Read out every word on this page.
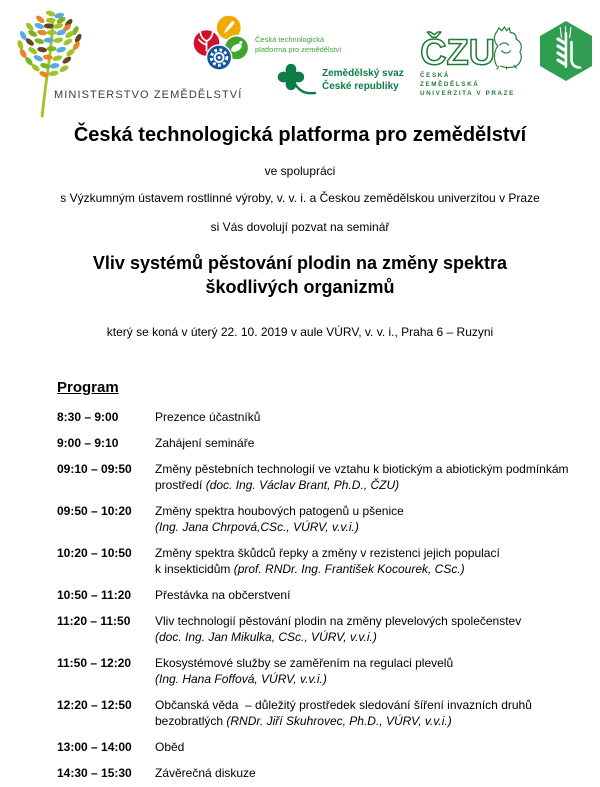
MINISTERSTVO ZEMĚDĚLSTVÍ
Česká technologická
platforma pro zemědělství
Zemědělský svaz
České republiky
ČZU
ČESKÁ
ZEMĚDĚLSKÁ
UNIVERZITA V PRAZE
Česká technologická platforma pro zemědělství
ve spolupráci
s Výzkumným ústavem rostlinné výroby, v. v. i. a Českou zemědělskou univerzitou v Praze
si Vás dovolují pozvat na seminář
Vliv systémů pěstování plodin na změny spektra
škodlivých organizmů
který se koná v úterý 22. 10. 2019 v aule VÚRV, v. v. i., Praha 6 – Ruzyni
Program
8:30 – 9:00	Prezence účastníků
9:00 – 9:10	Zahájení semináře
09:10 – 09:50	Změny pěstebních technologií ve vztahu k biotickým a abiotickým podmínkám
prostředí (doc. Ing. Václav Brant, Ph.D., ČZU)
09:50 – 10:20	Změny spektra houbových patogenů u pšenice
(Ing. Jana Chrpová,CSc., VÚRV, v.v.i.)
10:20 – 10:50	Změny spektra škůdců řepky a změny v rezistenci jejich populací
k insekticidům (prof. RNDr. Ing. František Kocourek, CSc.)
10:50 – 11:20	Přestávka na občerstvení
11:20 – 11:50	Vliv technologií pěstování plodin na změny plevelových společenstev
(doc. Ing. Jan Mikulka, CSc., VÚRV, v.v.i.)
11:50 – 12:20	Ekosystémové služby se zaměřením na regulaci plevelů
(Ing. Hana Foffová, VÚRV, v.v.i.)
12:20 – 12:50	Občanská věda  – důležitý prostředek sledování šíření invazních druhů
bezobratlých (RNDr. Jiří Skuhrovec, Ph.D., VÚRV, v.v.i.)
13:00 – 14:00	Oběd
14:30 – 15:30	Závěrečná diskuze
